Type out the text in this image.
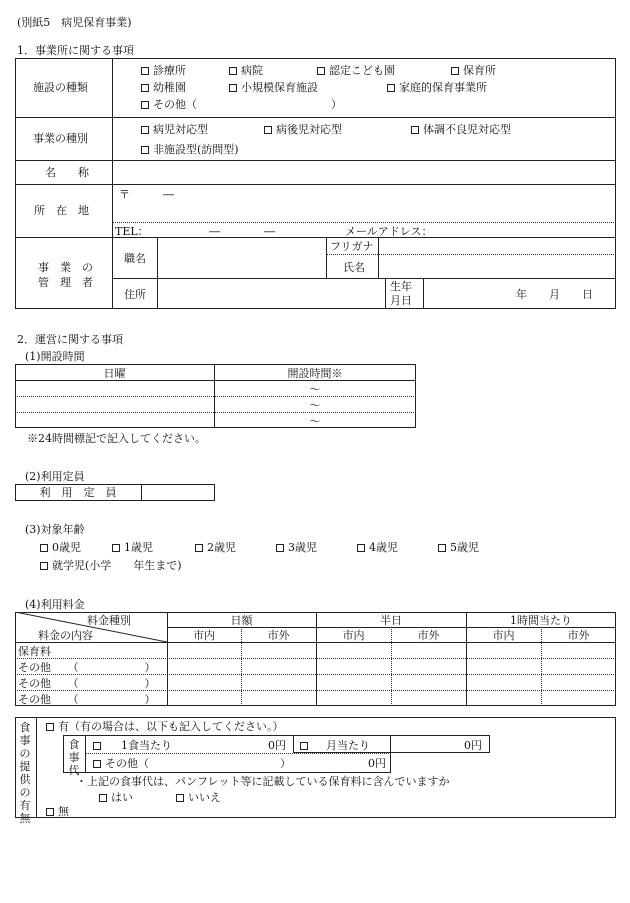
(別紙5　病児保育事業)
1．事業所に関する事項
施設の種類
診療所	病院	認定こども園	保育所
幼稚園	小規模保育施設	家庭的保育事業所
その他（	）
事業の種別
病児対応型	病後児対応型	体調不良児対応型
非施設型(訪問型)
名　　称
所　在　地
〒　　　―
TEL：　　　　　　―　　　　―	メールアドレス：
事　業　の
管　理　者
職名
フリガナ
氏名
住所
生年
月日	年　　月　　日
2．運営に関する事項
(1)開設時間
日曜	開設時間※
～
～
～
※24時間標記で記入してください。
(2)利用定員
利　用　定　員
(3)対象年齢
0歳児	1歳児	2歳児	3歳児	4歳児	5歳児
就学児(小学　　年生まで)
(4)利用料金
料金種別
料金の内容
日額	半日	1時間当たり
市内	市外	市内	市外	市内	市外
保育料
その他　　（　　　　　　）
その他　　（　　　　　　）
その他　　（　　　　　　）
食事の提供の有無
有（有の場合は、以下も記入してください。）
食事代
1食当たり	0円	月当たり	0円
その他（	）	0円
・上記の食事代は、パンフレット等に記載している保育料に含んでいますか
はい	いいえ
無
